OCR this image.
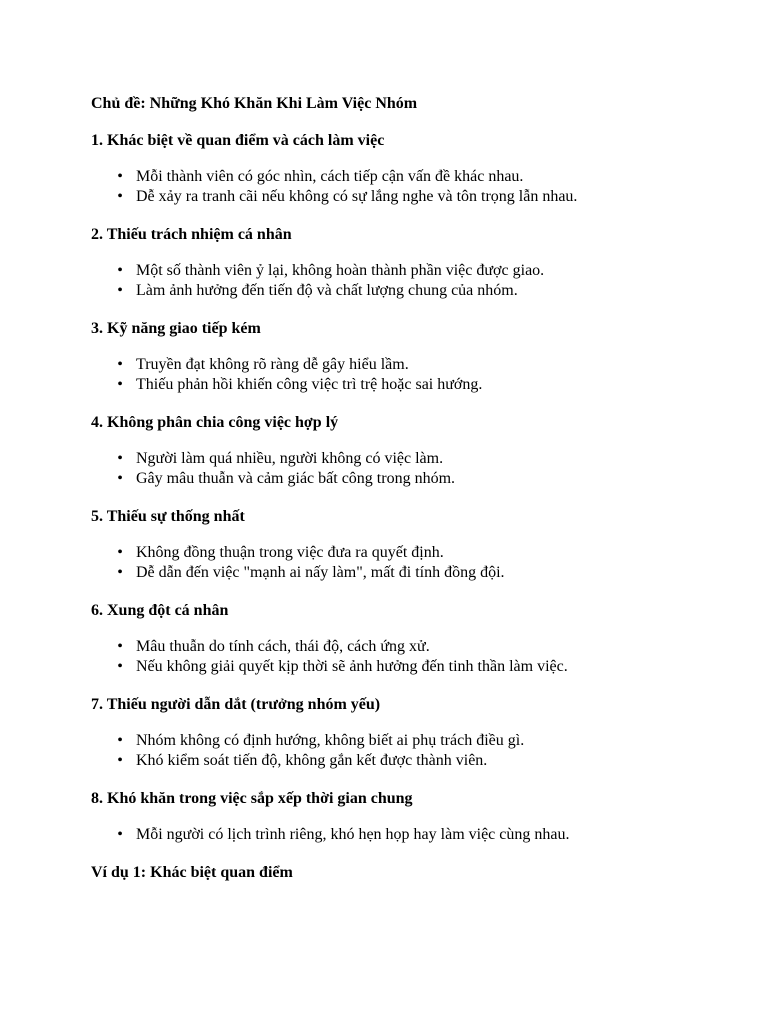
Chủ đề: Những Khó Khăn Khi Làm Việc Nhóm

1. Khác biệt về quan điểm và cách làm việc

• Mỗi thành viên có góc nhìn, cách tiếp cận vấn đề khác nhau.
• Dễ xảy ra tranh cãi nếu không có sự lắng nghe và tôn trọng lẫn nhau.

2. Thiếu trách nhiệm cá nhân

• Một số thành viên ỷ lại, không hoàn thành phần việc được giao.
• Làm ảnh hưởng đến tiến độ và chất lượng chung của nhóm.

3. Kỹ năng giao tiếp kém

• Truyền đạt không rõ ràng dễ gây hiểu lầm.
• Thiếu phản hồi khiến công việc trì trệ hoặc sai hướng.

4. Không phân chia công việc hợp lý

• Người làm quá nhiều, người không có việc làm.
• Gây mâu thuẫn và cảm giác bất công trong nhóm.

5. Thiếu sự thống nhất

• Không đồng thuận trong việc đưa ra quyết định.
• Dễ dẫn đến việc "mạnh ai nấy làm", mất đi tính đồng đội.

6. Xung đột cá nhân

• Mâu thuẫn do tính cách, thái độ, cách ứng xử.
• Nếu không giải quyết kịp thời sẽ ảnh hưởng đến tinh thần làm việc.

7. Thiếu người dẫn dắt (trưởng nhóm yếu)

• Nhóm không có định hướng, không biết ai phụ trách điều gì.
• Khó kiểm soát tiến độ, không gắn kết được thành viên.

8. Khó khăn trong việc sắp xếp thời gian chung

• Mỗi người có lịch trình riêng, khó hẹn họp hay làm việc cùng nhau.

Ví dụ 1: Khác biệt quan điểm
